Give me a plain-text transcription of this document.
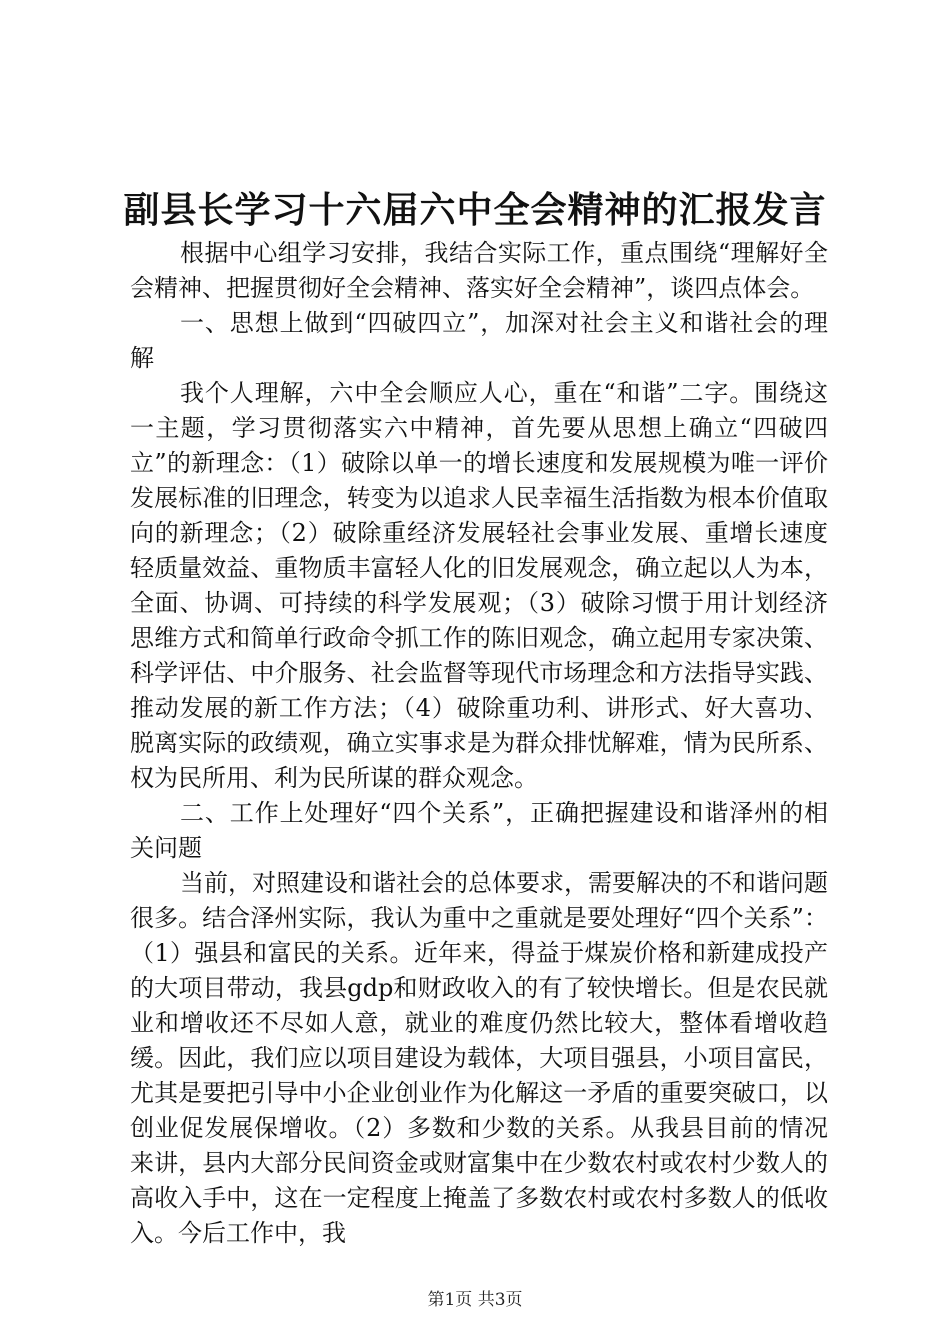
副县长学习十六届六中全会精神的汇报发言

根据中心组学习安排，我结合实际工作，重点围绕“理解好全会精神、把握贯彻好全会精神、落实好全会精神”，谈四点体会。

一、思想上做到“四破四立”，加深对社会主义和谐社会的理解

我个人理解，六中全会顺应人心，重在“和谐”二字。围绕这一主题，学习贯彻落实六中精神，首先要从思想上确立“四破四立”的新理念：（1）破除以单一的增长速度和发展规模为唯一评价发展标准的旧理念，转变为以追求人民幸福生活指数为根本价值取向的新理念；（2）破除重经济发展轻社会事业发展、重增长速度轻质量效益、重物质丰富轻人化的旧发展观念，确立起以人为本，全面、协调、可持续的科学发展观；（3）破除习惯于用计划经济思维方式和简单行政命令抓工作的陈旧观念，确立起用专家决策、科学评估、中介服务、社会监督等现代市场理念和方法指导实践、推动发展的新工作方法；（4）破除重功利、讲形式、好大喜功、脱离实际的政绩观，确立实事求是为群众排忧解难，情为民所系、权为民所用、利为民所谋的群众观念。

二、工作上处理好“四个关系”，正确把握建设和谐泽州的相关问题

当前，对照建设和谐社会的总体要求，需要解决的不和谐问题很多。结合泽州实际，我认为重中之重就是要处理好“四个关系”：（1）强县和富民的关系。近年来，得益于煤炭价格和新建成投产的大项目带动，我县gdp和财政收入的有了较快增长。但是农民就业和增收还不尽如人意，就业的难度仍然比较大，整体看增收趋缓。因此，我们应以项目建设为载体，大项目强县，小项目富民，尤其是要把引导中小企业创业作为化解这一矛盾的重要突破口，以创业促发展保增收。（2）多数和少数的关系。从我县目前的情况来讲，县内大部分民间资金或财富集中在少数农村或农村少数人的高收入手中，这在一定程度上掩盖了多数农村或农村多数人的低收入。今后工作中，我

第1页 共3页
